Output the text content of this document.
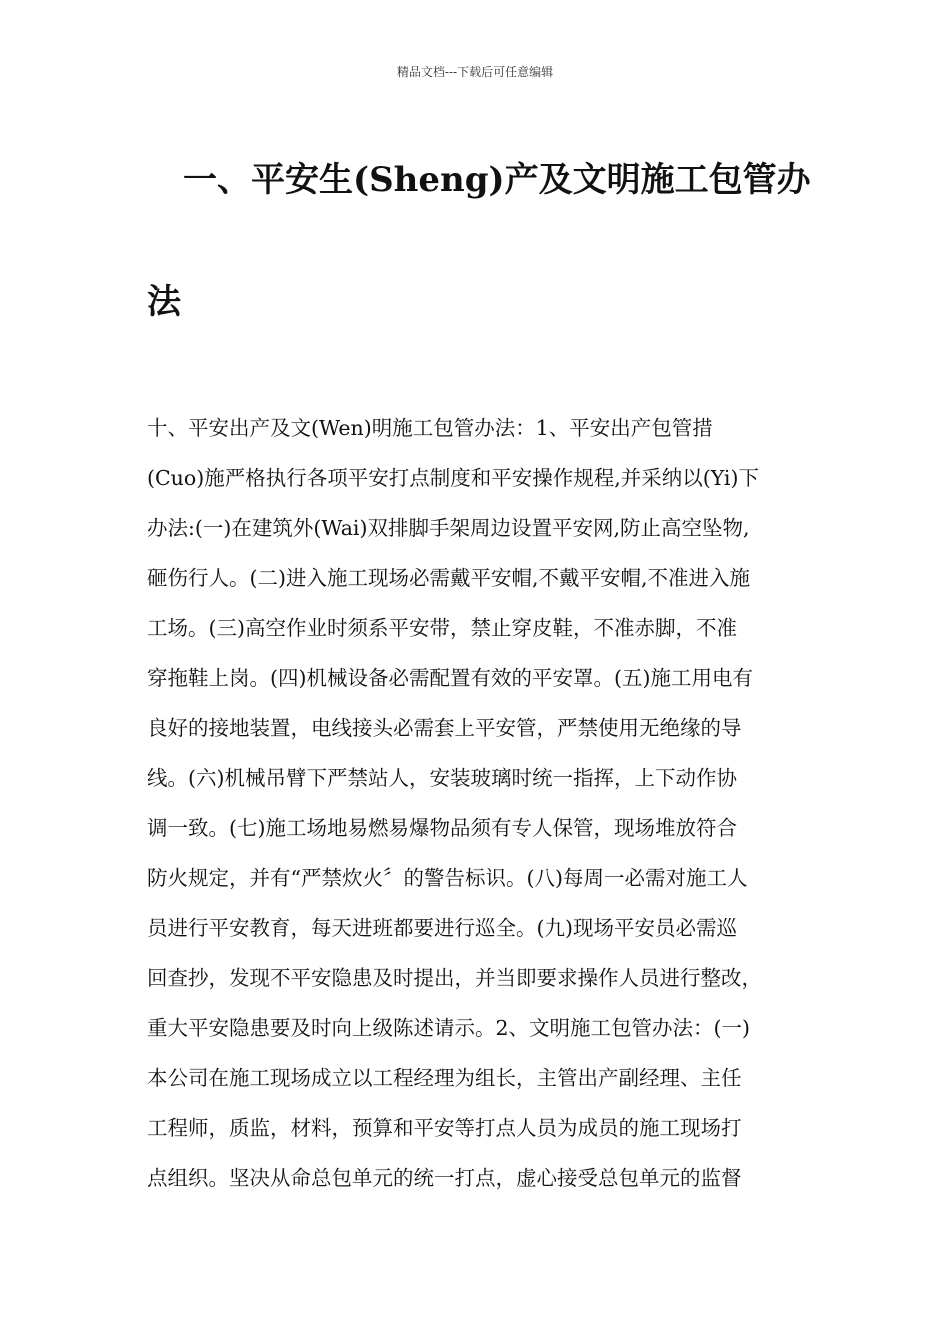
精品文档---下载后可任意编辑
一、平安生(Sheng)产及文明施工包管办
法
十、平安出产及文(Wen)明施工包管办法：1、平安出产包管措
(Cuo)施严格执行各项平安打点制度和平安操作规程,并采纳以(Yi)下
办法:(一)在建筑外(Wai)双排脚手架周边设置平安网,防止高空坠物,
砸伤行人。(二)进入施工现场必需戴平安帽,不戴平安帽,不准进入施
工场。(三)高空作业时须系平安带，禁止穿皮鞋，不准赤脚，不准
穿拖鞋上岗。(四)机械设备必需配置有效的平安罩。(五)施工用电有
良好的接地装置，电线接头必需套上平安管，严禁使用无绝缘的导
线。(六)机械吊臂下严禁站人，安装玻璃时统一指挥，上下动作协
调一致。(七)施工场地易燃易爆物品须有专人保管，现场堆放符合
防火规定，并有“严禁炊火〞的警告标识。(八)每周一必需对施工人
员进行平安教育，每天进班都要进行巡全。(九)现场平安员必需巡
回查抄，发现不平安隐患及时提出，并当即要求操作人员进行整改，
重大平安隐患要及时向上级陈述请示。2、文明施工包管办法：(一)
本公司在施工现场成立以工程经理为组长，主管出产副经理、主任
工程师，质监，材料，预算和平安等打点人员为成员的施工现场打
点组织。坚决从命总包单元的统一打点，虚心接受总包单元的监督
